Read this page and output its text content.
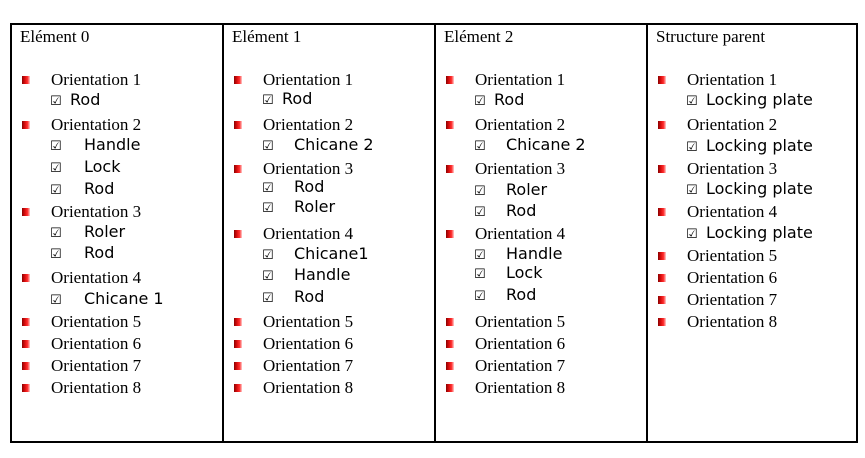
Elément 0
Orientation 1
☑ Rod
Orientation 2
☑ Handle
☑ Lock
☑ Rod
Orientation 3
☑ Roler
☑ Rod
Orientation 4
☑ Chicane 1
Orientation 5
Orientation 6
Orientation 7
Orientation 8
Elément 1
Orientation 1
☑ Rod
Orientation 2
☑ Chicane 2
Orientation 3
☑ Rod
☑ Roler
Orientation 4
☑ Chicane1
☑ Handle
☑ Rod
Orientation 5
Orientation 6
Orientation 7
Orientation 8
Elément 2
Orientation 1
☑ Rod
Orientation 2
☑ Chicane 2
Orientation 3
☑ Roler
☑ Rod
Orientation 4
☑ Handle
☑ Lock
☑ Rod
Orientation 5
Orientation 6
Orientation 7
Orientation 8
Structure parent
Orientation 1
☑ Locking plate
Orientation 2
☑ Locking plate
Orientation 3
☑ Locking plate
Orientation 4
☑ Locking plate
Orientation 5
Orientation 6
Orientation 7
Orientation 8
